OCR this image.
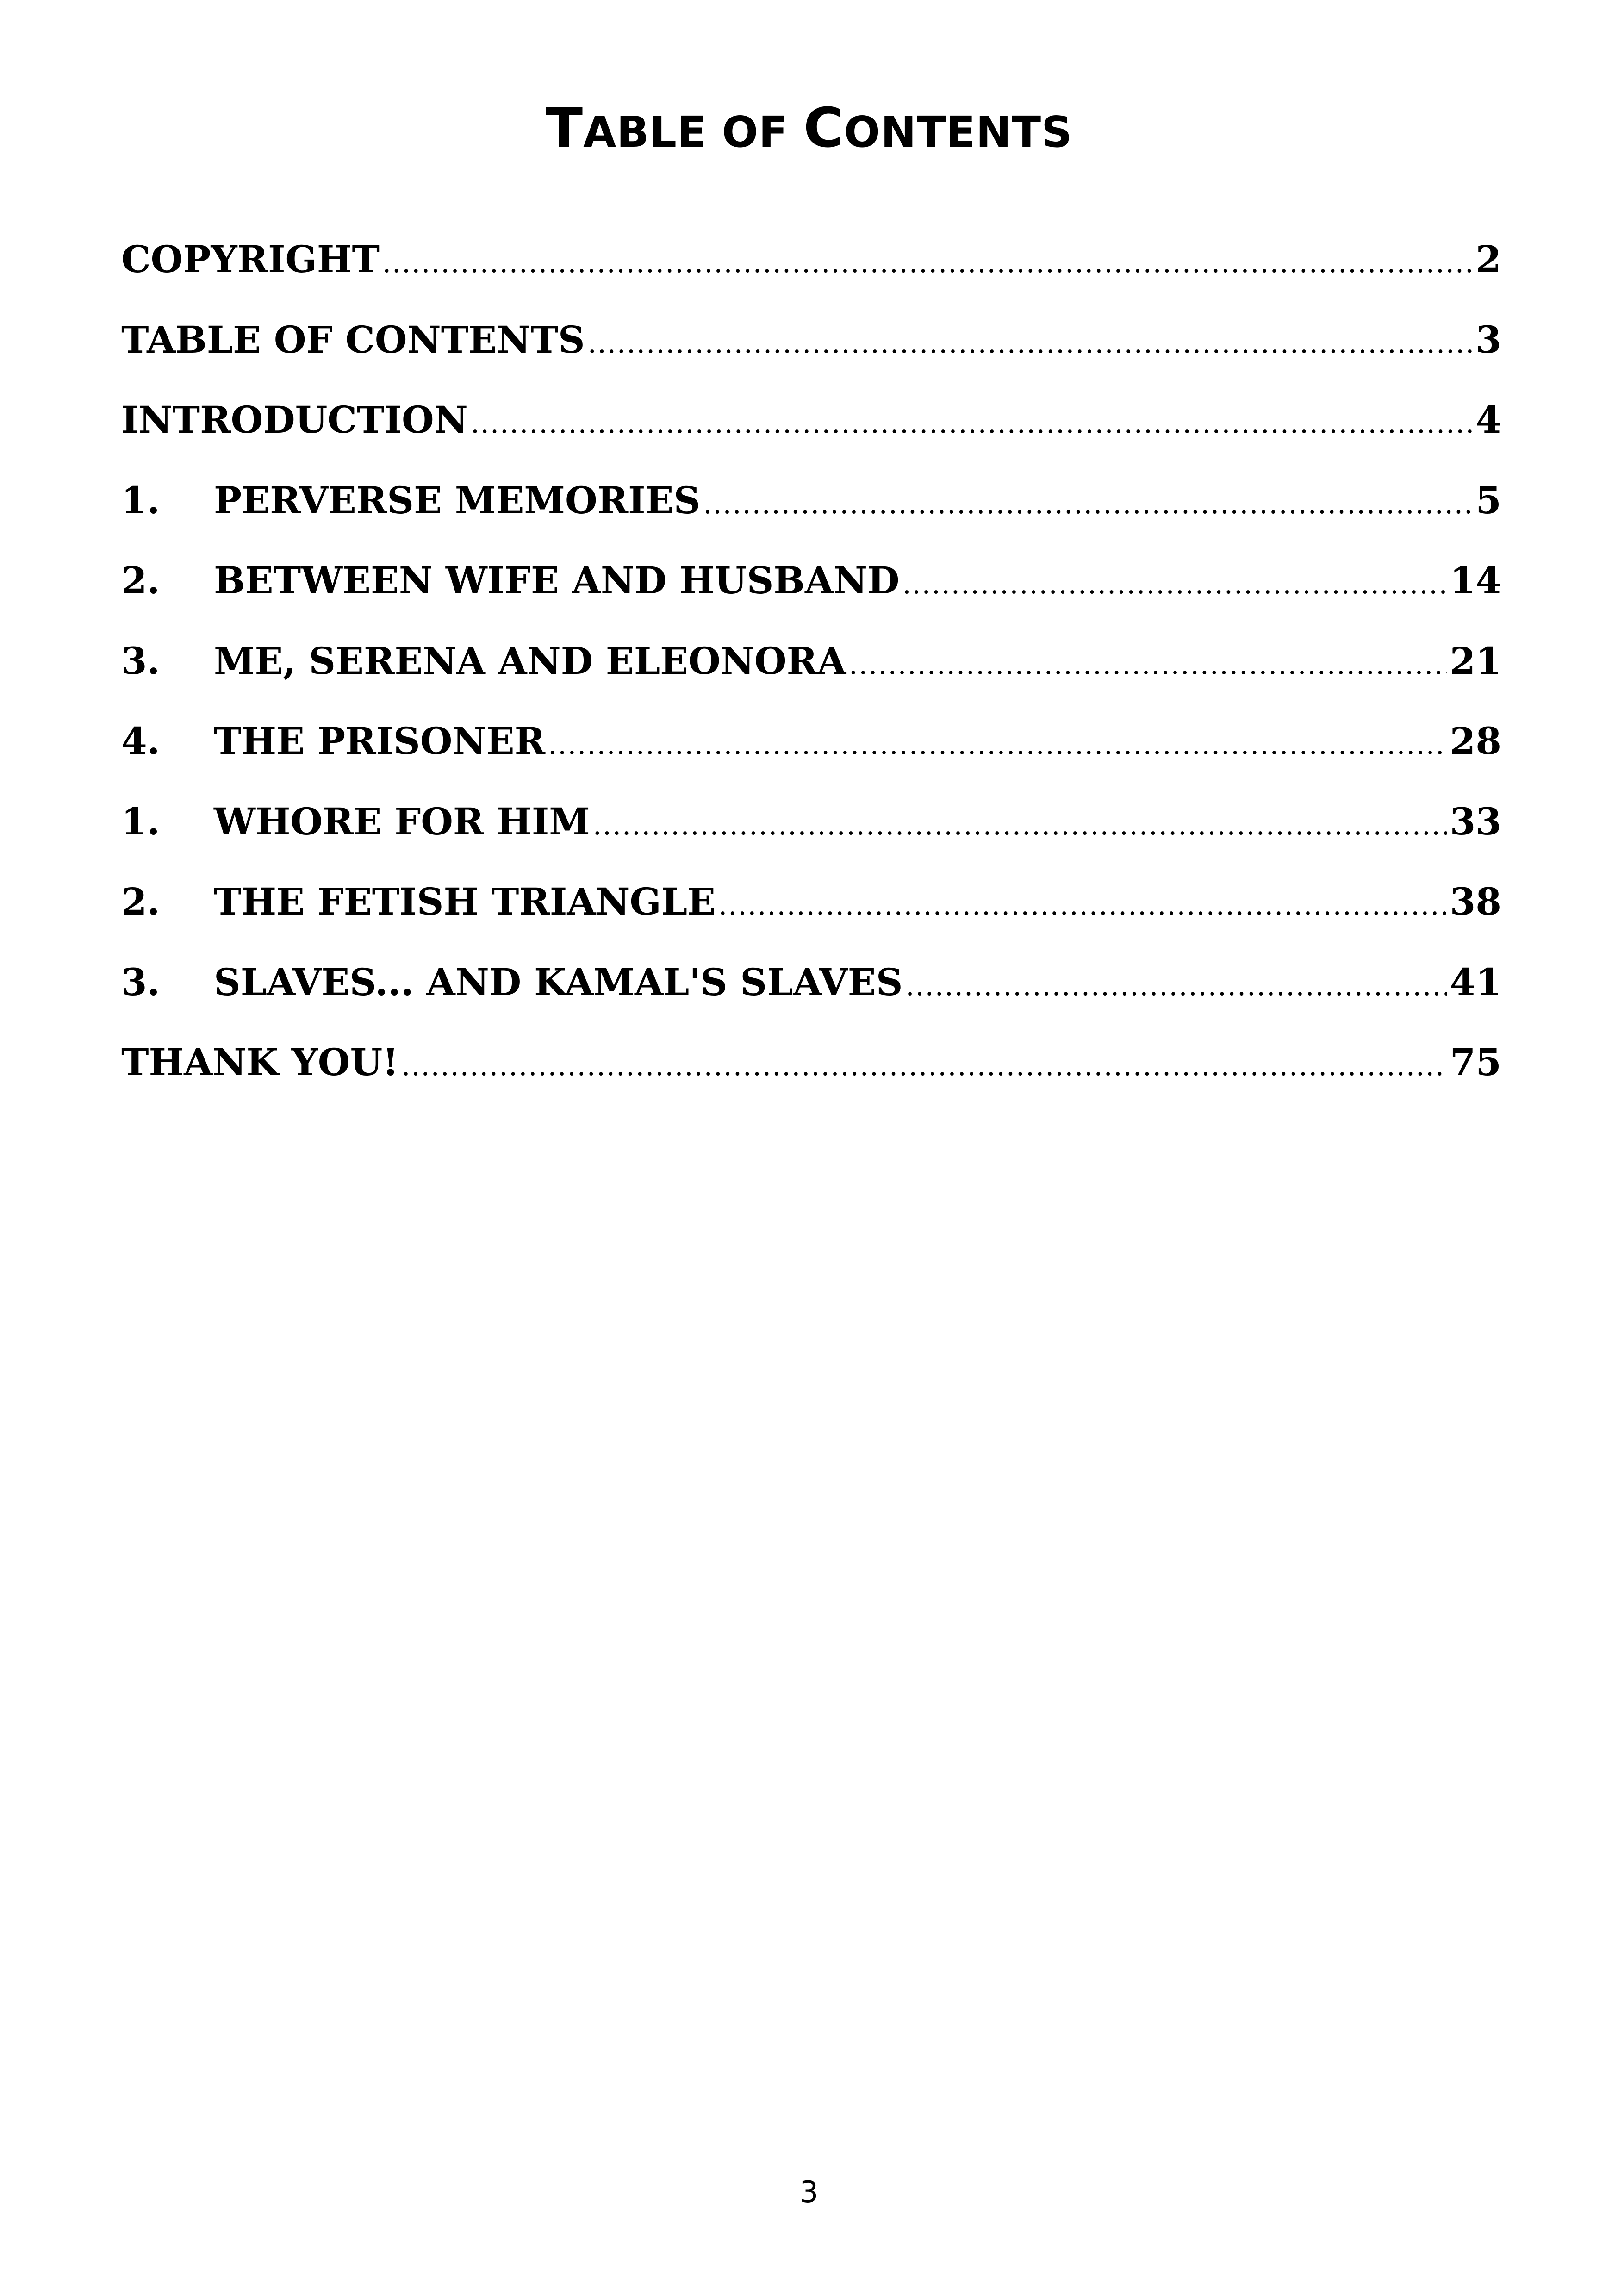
TABLE OF CONTENTS
COPYRIGHT .....	2
TABLE OF CONTENTS .....	3
INTRODUCTION .....	4
1.	PERVERSE MEMORIES .....	5
2.	BETWEEN WIFE AND HUSBAND .....	14
3.	ME, SERENA AND ELEONORA .....	21
4.	THE PRISONER .....	28
1.	WHORE FOR HIM .....	33
2.	THE FETISH TRIANGLE .....	38
3.	SLAVES... AND KAMAL'S SLAVES .....	41
THANK YOU! .....	75
3
